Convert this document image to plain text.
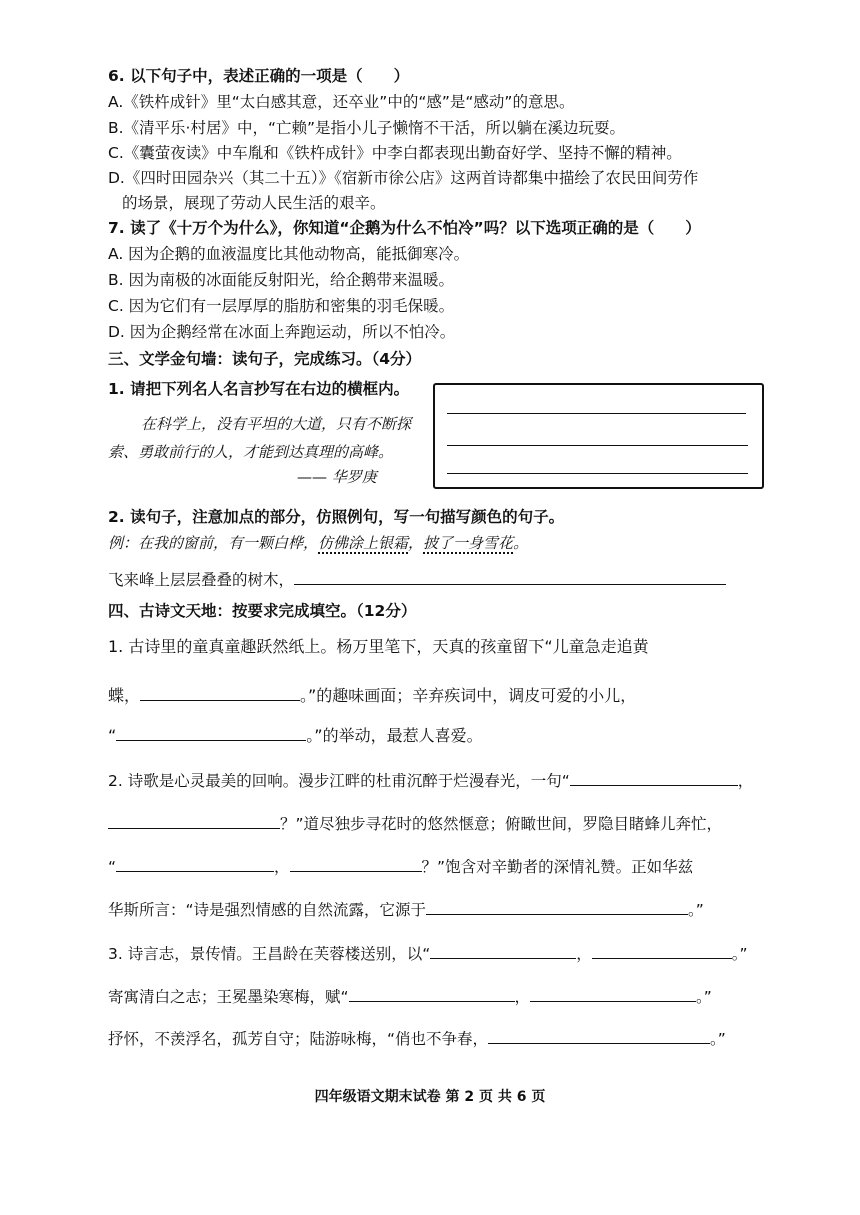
6. 以下句子中，表述正确的一项是（　　）
A.《铁杵成针》里“太白感其意，还卒业”中的“感”是“感动”的意思。
B.《清平乐·村居》中，“亡赖”是指小儿子懒惰不干活，所以躺在溪边玩耍。
C.《囊萤夜读》中车胤和《铁杵成针》中李白都表现出勤奋好学、坚持不懈的精神。
D.《四时田园杂兴（其二十五）》《宿新市徐公店》这两首诗都集中描绘了农民田间劳作
的场景，展现了劳动人民生活的艰辛。
7. 读了《十万个为什么》，你知道“企鹅为什么不怕冷”吗？以下选项正确的是（　　）
A. 因为企鹅的血液温度比其他动物高，能抵御寒冷。
B. 因为南极的冰面能反射阳光，给企鹅带来温暖。
C. 因为它们有一层厚厚的脂肪和密集的羽毛保暖。
D. 因为企鹅经常在冰面上奔跑运动，所以不怕冷。
三、文学金句墙：读句子，完成练习。（4分）
1. 请把下列名人名言抄写在右边的横框内。
在科学上，没有平坦的大道，只有不断探
索、勇敢前行的人，才能到达真理的高峰。
—— 华罗庚
2. 读句子，注意加点的部分，仿照例句，写一句描写颜色的句子。
例：在我的窗前，有一颗白桦，仿佛涂上银霜，披了一身雪花。
飞来峰上层层叠叠的树木，
四、古诗文天地：按要求完成填空。（12分）
1. 古诗里的童真童趣跃然纸上。杨万里笔下，天真的孩童留下“儿童急走追黄
蝶，	。”的趣味画面；辛弃疾词中，调皮可爱的小儿，
“	。”的举动，最惹人喜爱。
2. 诗歌是心灵最美的回响。漫步江畔的杜甫沉醉于烂漫春光，一句“	，
？”道尽独步寻花时的悠然惬意；俯瞰世间，罗隐目睹蜂儿奔忙，
“	，	？”饱含对辛勤者的深情礼赞。正如华兹
华斯所言：“诗是强烈情感的自然流露，它源于	。”
3. 诗言志，景传情。王昌龄在芙蓉楼送别，以“	，	。”
寄寓清白之志；王冕墨染寒梅，赋“	，	。”
抒怀，不羡浮名，孤芳自守；陆游咏梅，“俏也不争春，	。”
四年级语文期末试卷 第 2 页 共 6 页
